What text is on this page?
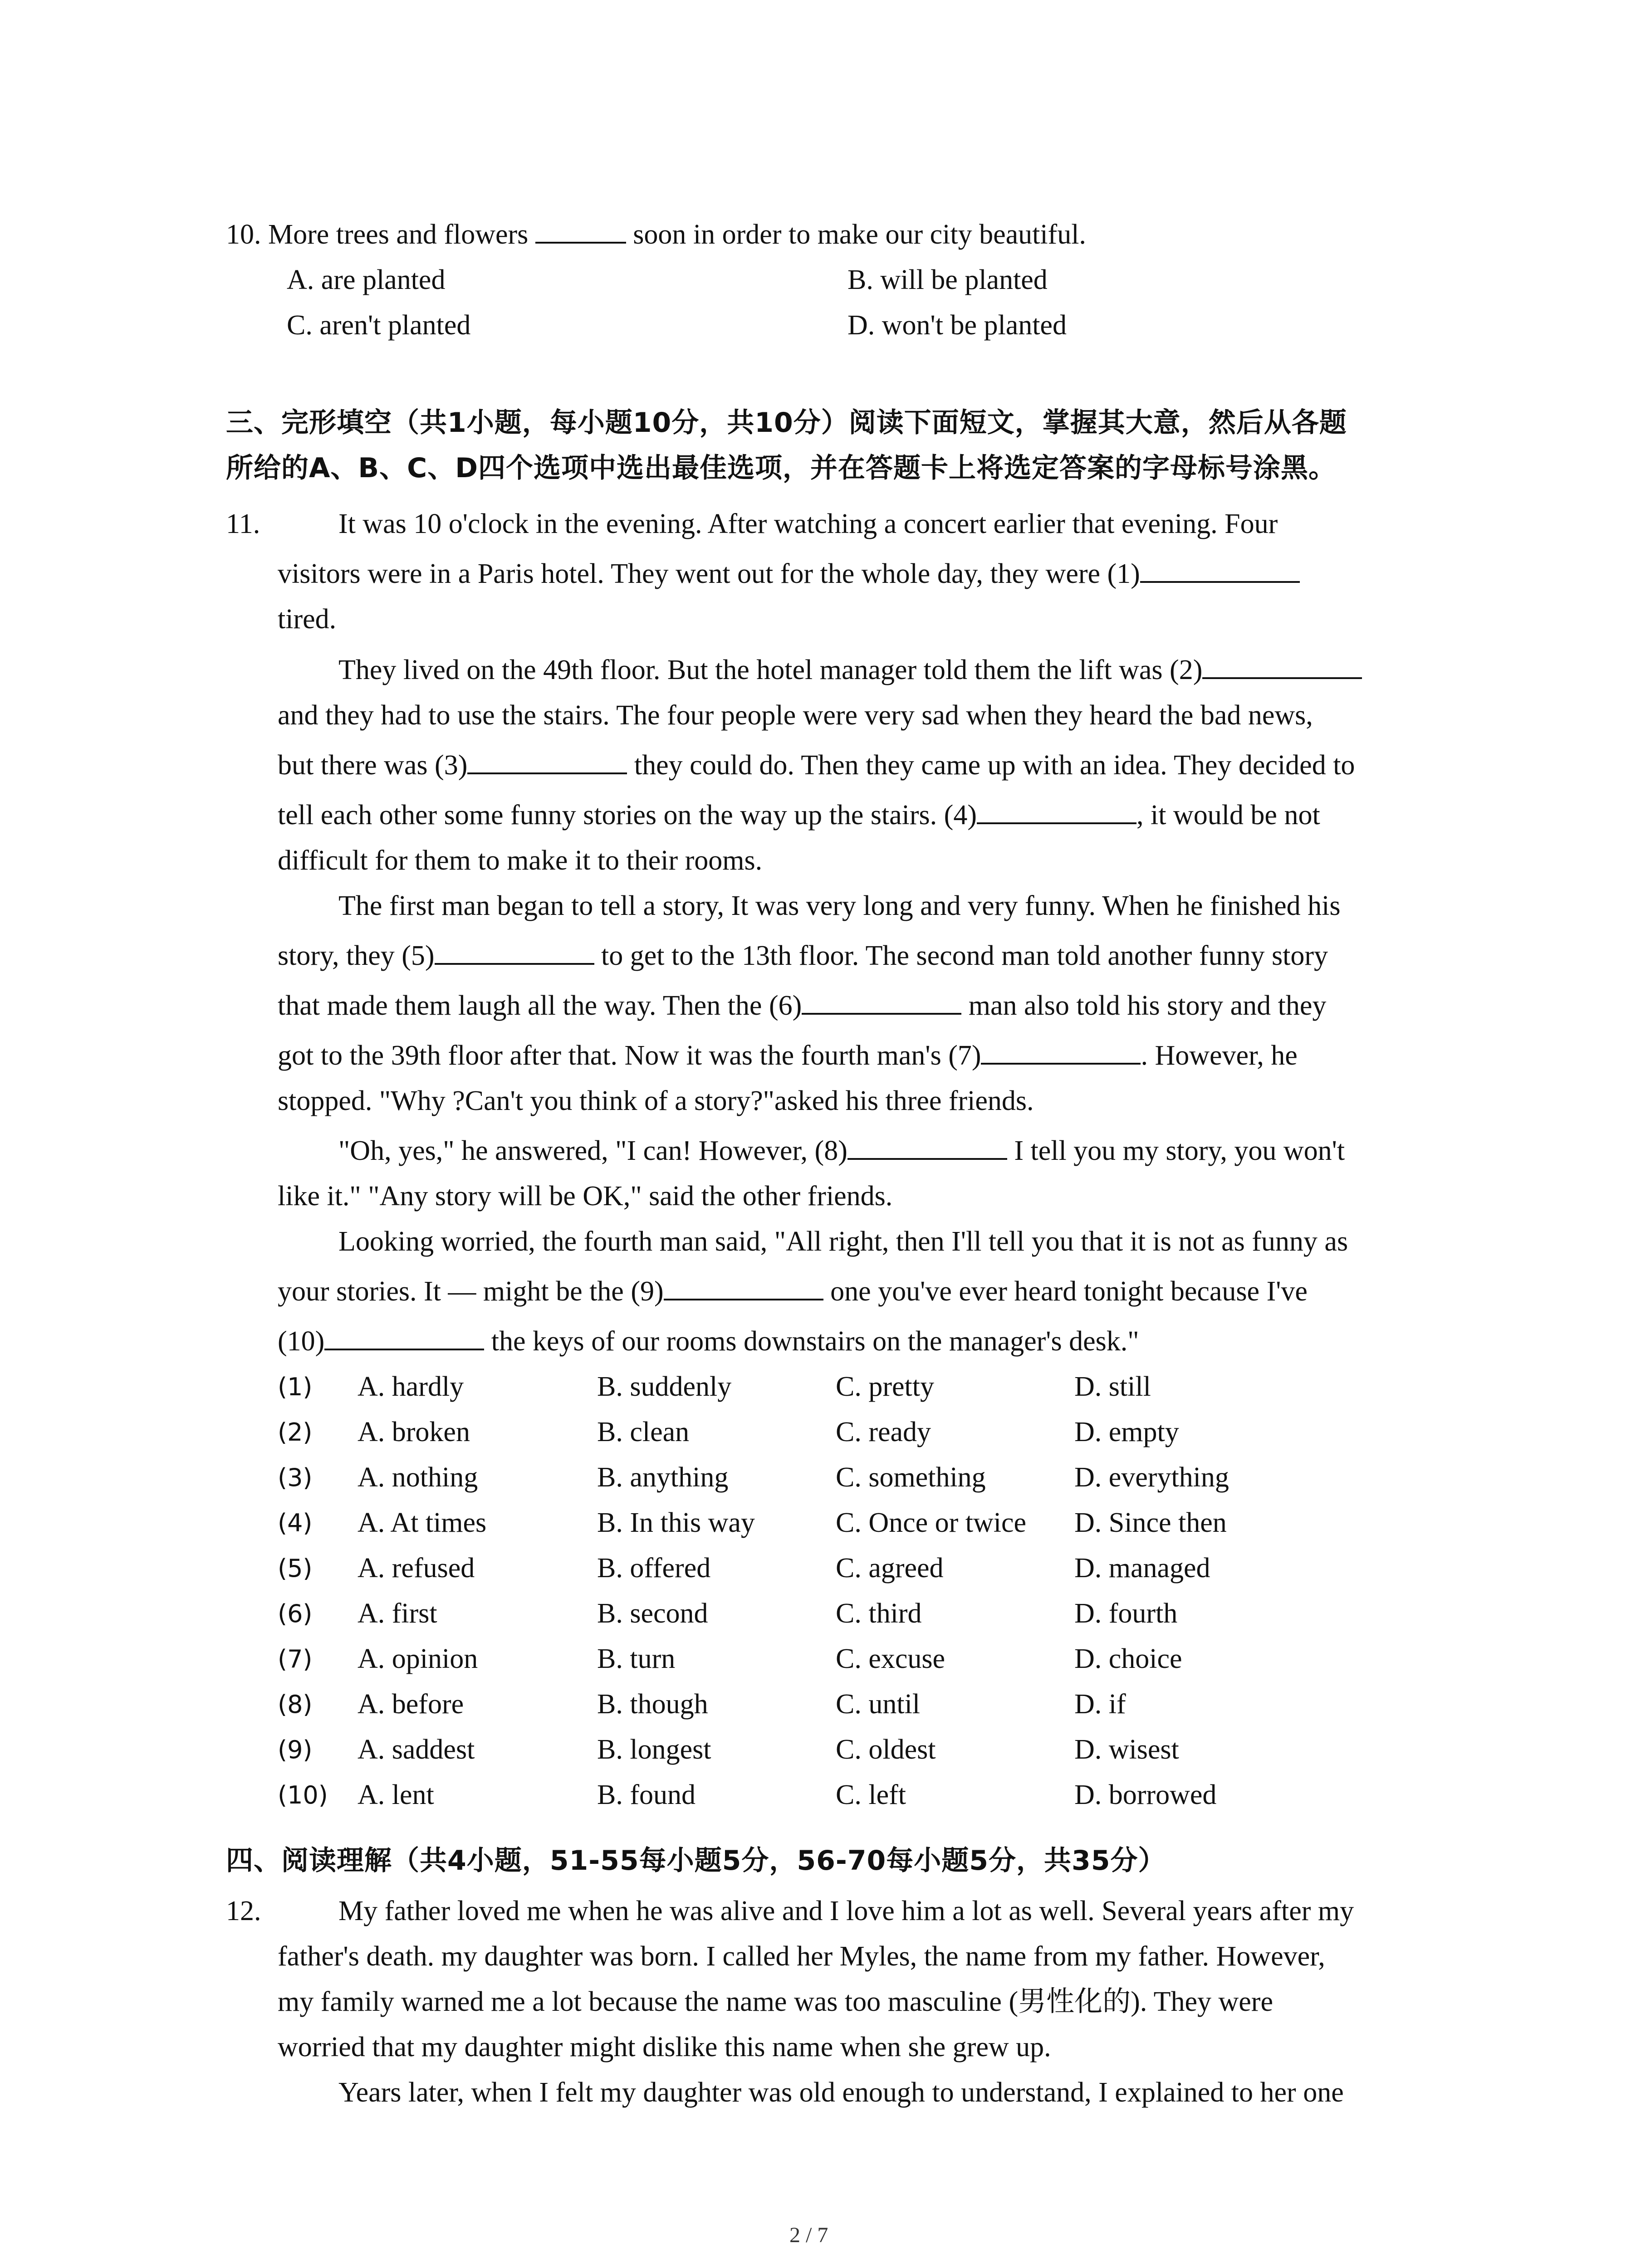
10. More trees and flowers	soon in order to make our city beautiful.
A. are planted	B. will be planted
C. aren't planted	D. won't be planted
三、完形填空（共1小题，每小题10分，共10分）阅读下面短文，掌握其大意，然后从各题
所给的A、B、C、D四个选项中选出最佳选项，并在答题卡上将选定答案的字母标号涂黑。
11.	It was 10 o'clock in the evening. After watching a concert earlier that evening. Four
visitors were in a Paris hotel. They went out for the whole day, they were (1)
tired.
They lived on the 49th floor. But the hotel manager told them the lift was (2)
and they had to use the stairs. The four people were very sad when they heard the bad news,
but there was (3)	they could do. Then they came up with an idea. They decided to
tell each other some funny stories on the way up the stairs. (4)	, it would be not
difficult for them to make it to their rooms.
The first man began to tell a story, It was very long and very funny. When he finished his
story, they (5)	to get to the 13th floor. The second man told another funny story
that made them laugh all the way. Then the (6)	man also told his story and they
got to the 39th floor after that. Now it was the fourth man's (7)	. However, he
stopped. "Why ?Can't you think of a story?"asked his three friends.
"Oh, yes," he answered, "I can! However, (8)	I tell you my story, you won't
like it." "Any story will be OK," said the other friends.
Looking worried, the fourth man said, "All right, then I'll tell you that it is not as funny as
your stories. It — might be the (9)	one you've ever heard tonight because I've
(10)	the keys of our rooms downstairs on the manager's desk."
(1) A. hardly	B. suddenly	C. pretty	D. still
(2) A. broken	B. clean	C. ready	D. empty
(3) A. nothing	B. anything	C. something	D. everything
(4) A. At times	B. In this way	C. Once or twice D. Since then
(5) A. refused	B. offered	C. agreed	D. managed
(6) A. first	B. second	C. third	D. fourth
(7) A. opinion	B. turn	C. excuse	D. choice
(8) A. before	B. though	C. until	D. if
(9) A. saddest	B. longest	C. oldest	D. wisest
(10) A. lent	B. found	C. left	D. borrowed
四、阅读理解（共4小题，51-55每小题5分，56-70每小题5分，共35分）
12.	My father loved me when he was alive and I love him a lot as well. Several years after my
father's death. my daughter was born. I called her Myles, the name from my father. However,
my family warned me a lot because the name was too masculine (男性化的). They were
worried that my daughter might dislike this name when she grew up.
Years later, when I felt my daughter was old enough to understand, I explained to her one
2 / 7
